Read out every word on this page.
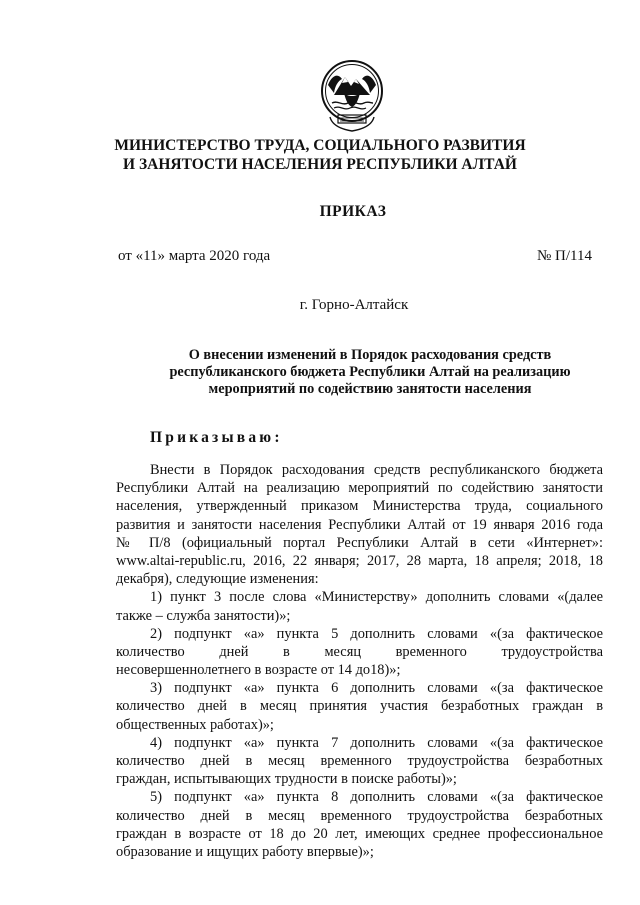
МИНИСТЕРСТВО ТРУДА, СОЦИАЛЬНОГО РАЗВИТИЯ
И ЗАНЯТОСТИ НАСЕЛЕНИЯ РЕСПУБЛИКИ АЛТАЙ
ПРИКАЗ
от «11» марта 2020 года	№ П/114
г. Горно-Алтайск
О внесении изменений в Порядок расходования средств
республиканского бюджета Республики Алтай на реализацию
мероприятий по содействию занятости населения
Приказываю:
Внести в Порядок расходования средств республиканского бюджета
Республики Алтай на реализацию мероприятий по содействию занятости
населения, утвержденный приказом Министерства труда, социального
развития и занятости населения Республики Алтай от 19 января 2016 года
№ П/8 (официальный портал Республики Алтай в сети «Интернет»:
www.altai-republic.ru, 2016, 22 января; 2017, 28 марта, 18 апреля; 2018, 18
декабря), следующие изменения:
1) пункт 3 после слова «Министерству» дополнить словами «(далее
также – служба занятости)»;
2) подпункт «а» пункта 5 дополнить словами «(за фактическое
количество дней в месяц временного трудоустройства
несовершеннолетнего в возрасте от 14 до18)»;
3) подпункт «а» пункта 6 дополнить словами «(за фактическое
количество дней в месяц принятия участия безработных граждан в
общественных работах)»;
4) подпункт «а» пункта 7 дополнить словами «(за фактическое
количество дней в месяц временного трудоустройства безработных
граждан, испытывающих трудности в поиске работы)»;
5) подпункт «а» пункта 8 дополнить словами «(за фактическое
количество дней в месяц временного трудоустройства безработных
граждан в возрасте от 18 до 20 лет, имеющих среднее профессиональное
образование и ищущих работу впервые)»;
